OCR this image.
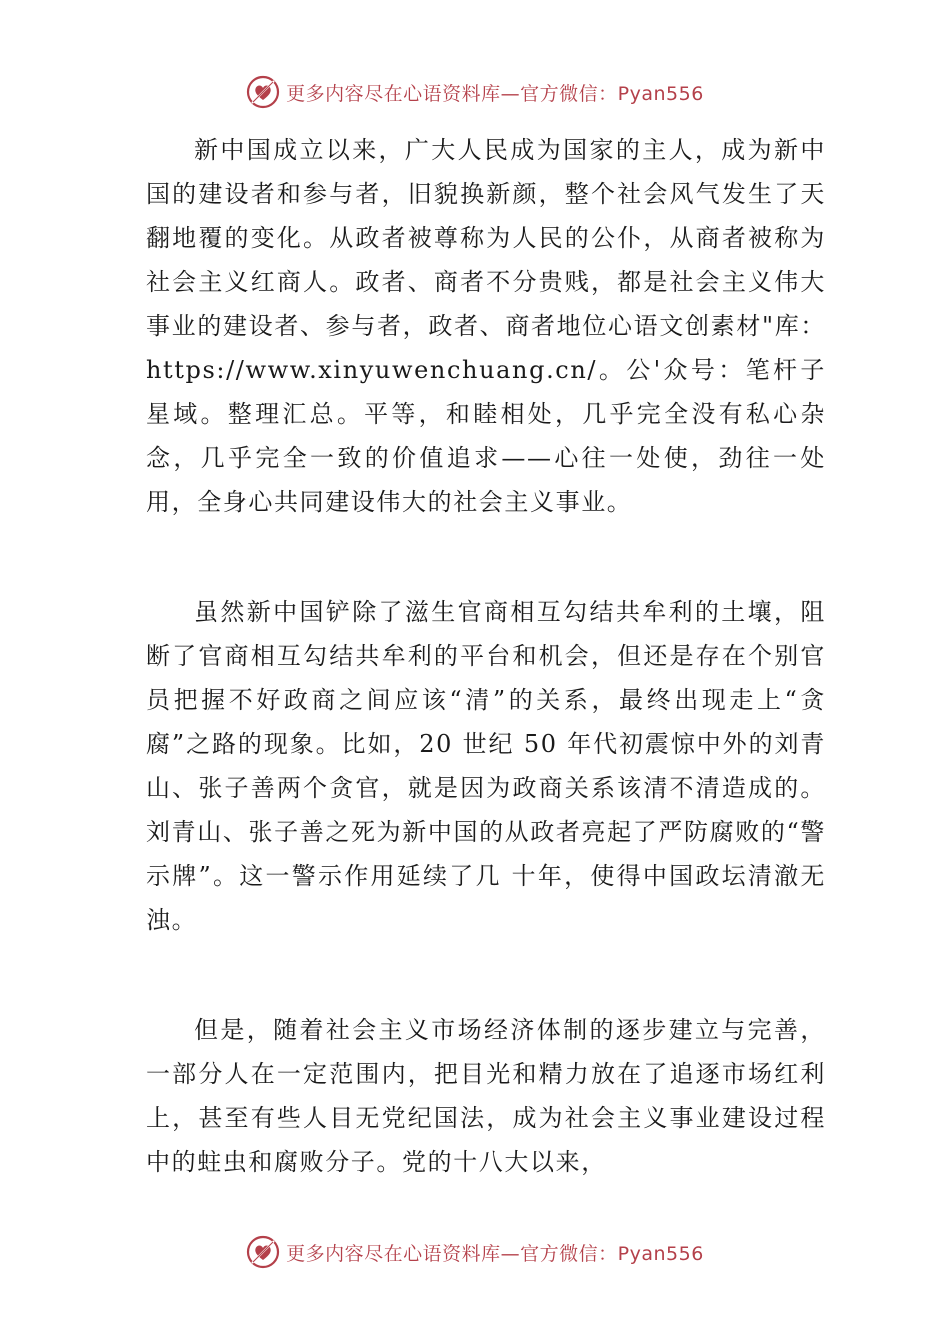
更多内容尽在心语资料库—官方微信：Pyan556

新中国成立以来，广大人民成为国家的主人，成为新中国的建设者和参与者，旧貌换新颜，整个社会风气发生了天翻地覆的变化。从政者被尊称为人民的公仆，从商者被称为社会主义红商人。政者、商者不分贵贱，都是社会主义伟大事业的建设者、参与者，政者、商者地位心语文创素材"库：https://www.xinyuwenchuang.cn/。公'众号：笔杆子星域。整理汇总。平等，和睦相处，几乎完全没有私心杂念，几乎完全一致的价值追求——心往一处使，劲往一处用，全身心共同建设伟大的社会主义事业。

虽然新中国铲除了滋生官商相互勾结共牟利的土壤，阻断了官商相互勾结共牟利的平台和机会，但还是存在个别官员把握不好政商之间应该“清”的关系，最终出现走上“贪腐”之路的现象。比如，20 世纪 50 年代初震惊中外的刘青山、张子善两个贪官，就是因为政商关系该清不清造成的。刘青山、张子善之死为新中国的从政者亮起了严防腐败的“警示牌”。这一警示作用延续了几 十年，使得中国政坛清澈无浊。

但是，随着社会主义市场经济体制的逐步建立与完善，一部分人在一定范围内，把目光和精力放在了追逐市场红利上，甚至有些人目无党纪国法，成为社会主义事业建设过程中的蛀虫和腐败分子。党的十八大以来，

更多内容尽在心语资料库—官方微信：Pyan556
